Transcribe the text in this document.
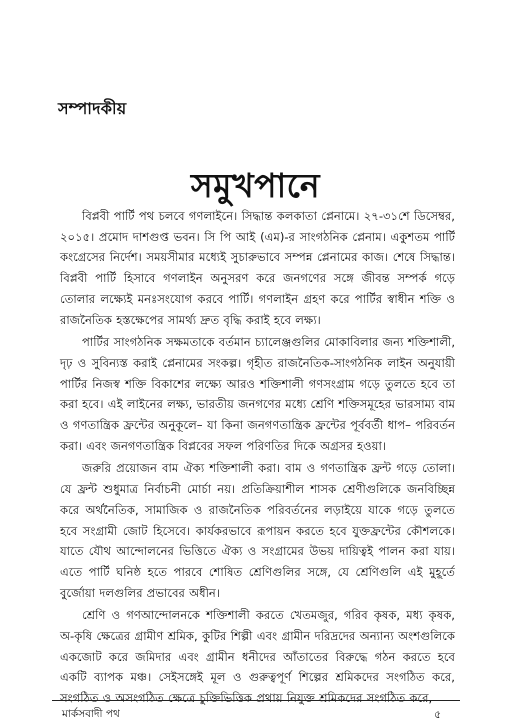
সম্পাদকীয়
সমুখপানে

বিপ্লবী পার্টি পথ চলবে গণলাইনে। সিদ্ধান্ত কলকাতা প্লেনামে। ২৭-৩১শে ডিসেম্বর, ২০১৫। প্রমোদ দাশগুপ্ত ভবন। সি পি আই (এম)-র সাংগঠনিক প্লেনাম। একুশতম পার্টি কংগ্রেসের নির্দেশ। সময়সীমার মধ্যেই সুচারুভাবে সম্পন্ন প্লেনামের কাজ। শেষে সিদ্ধান্ত। বিপ্লবী পার্টি হিসাবে গণলাইন অনুসরণ করে জনগণের সঙ্গে জীবন্ত সম্পর্ক গড়ে তোলার লক্ষ্যেই মনঃসংযোগ করবে পার্টি। গণলাইন গ্রহণ করে পার্টির স্বাধীন শক্তি ও রাজনৈতিক হস্তক্ষেপের সামর্থ্য দ্রুত বৃদ্ধি করাই হবে লক্ষ্য।

পার্টির সাংগঠনিক সক্ষমতাকে বর্তমান চ্যালেঞ্জগুলির মোকাবিলার জন্য শক্তিশালী, দৃঢ় ও সুবিন্যস্ত করাই প্লেনামের সংকল্প। গৃহীত রাজনৈতিক-সাংগঠনিক লাইন অনুযায়ী পার্টির নিজস্ব শক্তি বিকাশের লক্ষ্যে আরও শক্তিশালী গণসংগ্রাম গড়ে তুলতে হবে তা করা হবে। এই লাইনের লক্ষ্য, ভারতীয় জনগণের মধ্যে শ্রেণি শক্তিসমূহের ভারসাম্য বাম ও গণতান্ত্রিক ফ্রন্টের অনুকূলে– যা কিনা জনগণতান্ত্রিক ফ্রন্টের পূর্ববর্তী ধাপ– পরিবর্তন করা। এবং জনগণতান্ত্রিক বিপ্লবের সফল পরিণতির দিকে অগ্রসর হওয়া।

জরুরি প্রয়োজন বাম ঐক্য শক্তিশালী করা। বাম ও গণতান্ত্রিক ফ্রন্ট গড়ে তোলা। যে ফ্রন্ট শুধুমাত্র নির্বাচনী মোর্চা নয়। প্রতিক্রিয়াশীল শাসক শ্রেণীগুলিকে জনবিচ্ছিন্ন করে অর্থনৈতিক, সামাজিক ও রাজনৈতিক পরিবর্তনের লড়াইয়ে যাকে গড়ে তুলতে হবে সংগ্রামী জোট হিসেবে। কার্যকরভাবে রূপায়ন করতে হবে যুক্তফ্রন্টের কৌশলকে। যাতে যৌথ আন্দোলনের ভিত্তিতে ঐক্য ও সংগ্রামের উভয় দায়িত্বই পালন করা যায়। এতে পার্টি ঘনিষ্ঠ হতে পারবে শোষিত শ্রেণিগুলির সঙ্গে, যে শ্রেণিগুলি এই মুহূর্তে বুর্জোয়া দলগুলির প্রভাবের অধীন।

শ্রেণি ও গণআন্দোলনকে শক্তিশালী করতে খেতমজুর, গরিব কৃষক, মধ্য কৃষক, অ-কৃষি ক্ষেত্রের গ্রামীণ শ্রমিক, কুটির শিল্পী এবং গ্রামীন দরিদ্রদের অন্যান্য অংশগুলিকে একজোট করে জমিদার এবং গ্রামীন ধনীদের আঁতাতের বিরুদ্ধে গঠন করতে হবে একটি ব্যাপক মঞ্চ। সেইসঙ্গেই মূল ও গুরুত্বপূর্ণ শিল্পের শ্রমিকদের সংগঠিত করে, সংগঠিত ও অসংগঠিত ক্ষেত্রে চুক্তিভিত্তিক প্রথায় নিযুক্ত শ্রমিকদের সংগঠিত করে,

মার্কসবাদী পথ	৫
